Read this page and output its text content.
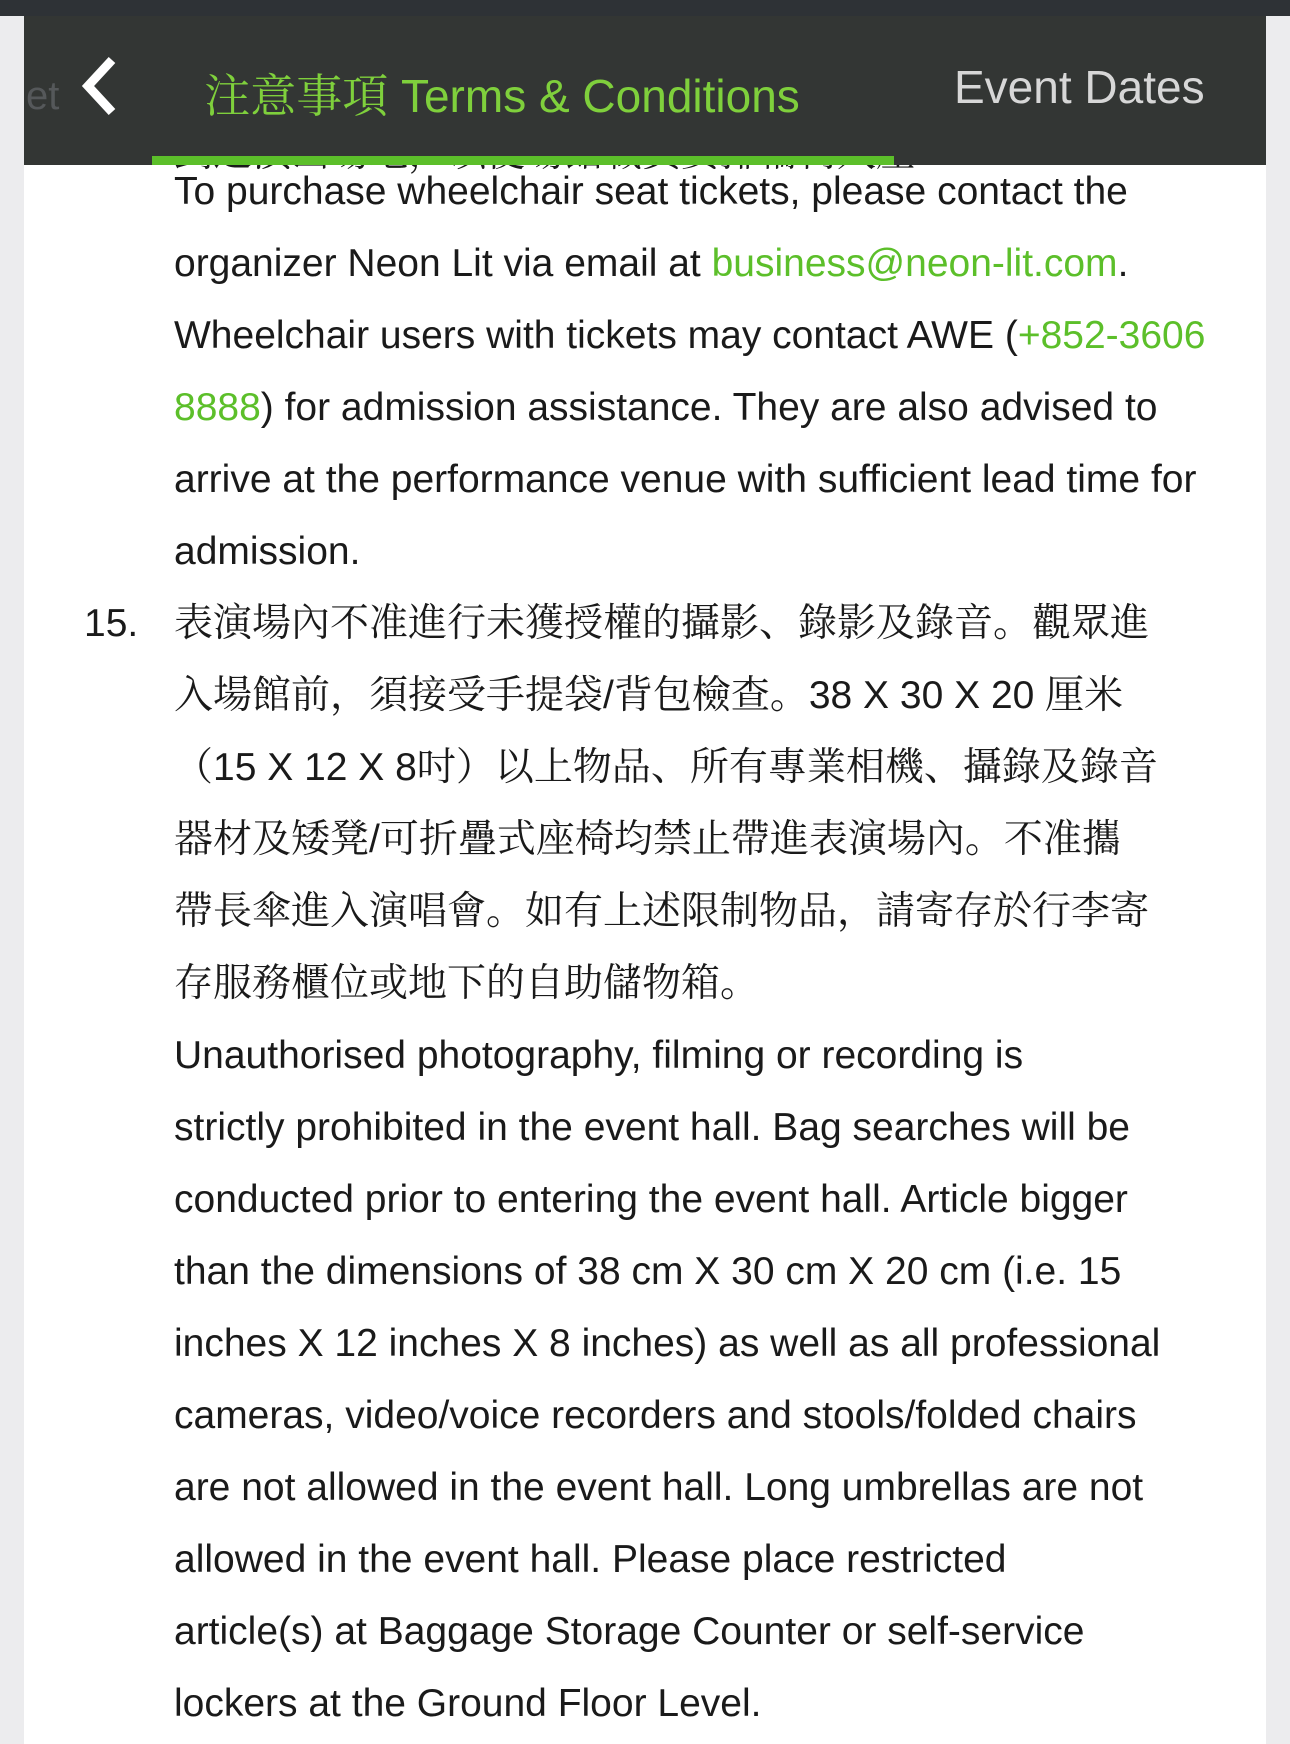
To purchase wheelchair seat tickets, please contact the organizer Neon Lit via email at business@neon-lit.com. Wheelchair users with tickets may contact AWE (+852-3606 8888) for admission assistance. They are also advised to arrive at the performance venue with sufficient lead time for admission.

15. 表演場內不准進行未獲授權的攝影、錄影及錄音。觀眾進
入場館前，須接受手提袋/背包檢查。38 X 30 X 20 厘米
（15 X 12 X 8吋）以上物品、所有專業相機、攝錄及錄音
器材及矮凳/可折疊式座椅均禁止帶進表演場內。不准攜
帶長傘進入演唱會。如有上述限制物品，請寄存於行李寄
存服務櫃位或地下的自助儲物箱。
Unauthorised photography, filming or recording is
strictly prohibited in the event hall. Bag searches will be
conducted prior to entering the event hall. Article bigger
than the dimensions of 38 cm X 30 cm X 20 cm (i.e. 15
inches X 12 inches X 8 inches) as well as all professional
cameras, video/voice recorders and stools/folded chairs
are not allowed in the event hall. Long umbrellas are not
allowed in the event hall. Please place restricted
article(s) at Baggage Storage Counter or self-service
lockers at the Ground Floor Level.
et	注意事項 Terms & Conditions	Event Dates
